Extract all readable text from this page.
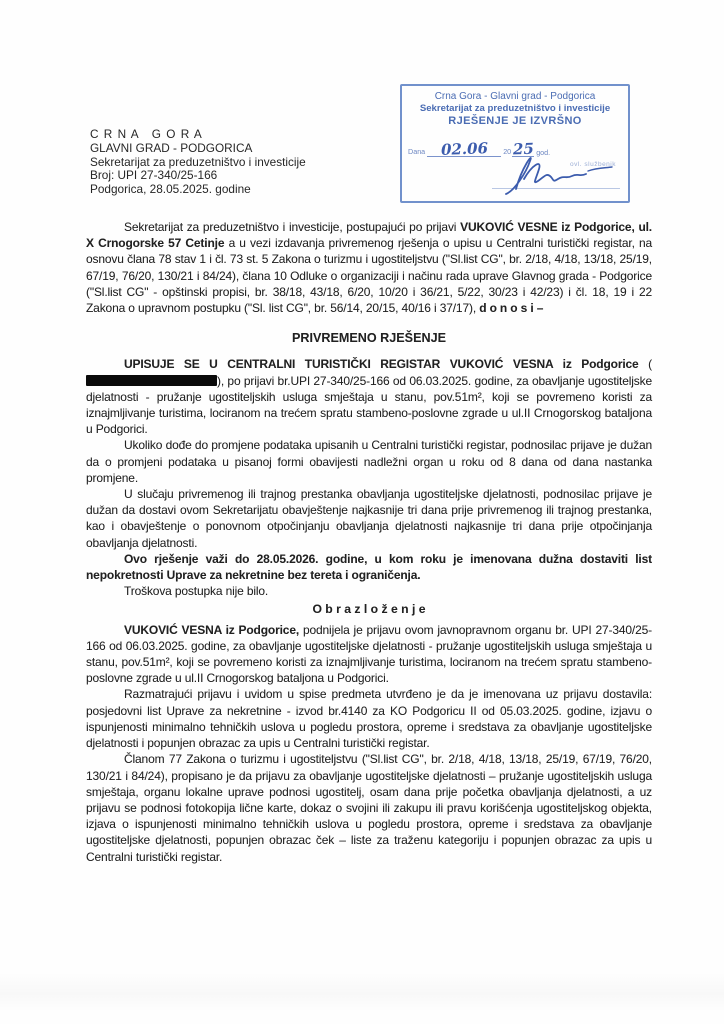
Crna Gora - Glavni grad - Podgorica
Sekretarijat za preduzetništvo i investicije
RJEŠENJE JE IZVRŠNO
Dana 02.06 20 25 god.
ovl. službenik
C R N A   G O R A
GLAVNI GRAD - PODGORICA
Sekretarijat za preduzetništvo i investicije
Broj: UPI 27-340/25-166
Podgorica, 28.05.2025. godine

Sekretarijat za preduzetništvo i investicije, postupajući po prijavi VUKOVIĆ VESNE iz Podgorice, ul. X Crnogorske 57 Cetinje a u vezi izdavanja privremenog rješenja o upisu u Centralni turistički registar, na osnovu člana 78 stav 1 i čl. 73 st. 5 Zakona o turizmu i ugostiteljstvu ("Sl.list CG", br. 2/18, 4/18, 13/18, 25/19, 67/19, 76/20, 130/21 i 84/24), člana 10 Odluke o organizaciji i načinu rada uprave Glavnog grada - Podgorice ("Sl.list CG" - opštinski propisi, br. 38/18, 43/18, 6/20, 10/20 i 36/21, 5/22, 30/23 i 42/23) i čl. 18, 19 i 22 Zakona o upravnom postupku ("Sl. list CG", br. 56/14, 20/15, 40/16 i 37/17), d o n o s i –

PRIVREMENO RJEŠENJE

UPISUJE SE U CENTRALNI TURISTIČKI REGISTAR VUKOVIĆ VESNA iz Podgorice (), po prijavi br.UPI 27-340/25-166 od 06.03.2025. godine, za obavljanje ugostiteljske djelatnosti - pružanje ugostiteljskih usluga smještaja u stanu, pov.51m², koji se povremeno koristi za iznajmljivanje turistima, lociranom na trećem spratu stambeno-poslovne zgrade u ul.II Crnogorskog bataljona u Podgorici.

Ukoliko dođe do promjene podataka upisanih u Centralni turistički registar, podnosilac prijave je dužan da o promjeni podataka u pisanoj formi obavijesti nadležni organ u roku od 8 dana od dana nastanka promjene.

U slučaju privremenog ili trajnog prestanka obavljanja ugostiteljske djelatnosti, podnosilac prijave je dužan da dostavi ovom Sekretarijatu obavještenje najkasnije tri dana prije privremenog ili trajnog prestanka, kao i obavještenje o ponovnom otpočinjanju obavljanja djelatnosti najkasnije tri dana prije otpočinjanja obavljanja djelatnosti.

Ovo rješenje važi do 28.05.2026. godine, u kom roku je imenovana dužna dostaviti list nepokretnosti Uprave za nekretnine bez tereta i ograničenja.

Troškova postupka nije bilo.

O b r a z l o ž e n j e

VUKOVIĆ VESNA iz Podgorice, podnijela je prijavu ovom javnopravnom organu br. UPI 27-340/25-166 od 06.03.2025. godine, za obavljanje ugostiteljske djelatnosti - pružanje ugostiteljskih usluga smještaja u stanu, pov.51m², koji se povremeno koristi za iznajmljivanje turistima, lociranom na trećem spratu stambeno-poslovne zgrade u ul.II Crnogorskog bataljona u Podgorici.

Razmatrajući prijavu i uvidom u spise predmeta utvrđeno je da je imenovana uz prijavu dostavila: posjedovni list Uprave za nekretnine - izvod br.4140 za KO Podgoricu II od 05.03.2025. godine, izjavu o ispunjenosti minimalno tehničkih uslova u pogledu prostora, opreme i sredstava za obavljanje ugostiteljske djelatnosti i popunjen obrazac za upis u Centralni turistički registar.

Članom 77 Zakona o turizmu i ugostiteljstvu ("Sl.list CG", br. 2/18, 4/18, 13/18, 25/19, 67/19, 76/20, 130/21 i 84/24), propisano je da prijavu za obavljanje ugostiteljske djelatnosti – pružanje ugostiteljskih usluga smještaja, organu lokalne uprave podnosi ugostitelj, osam dana prije početka obavljanja djelatnosti, a uz prijavu se podnosi fotokopija lične karte, dokaz o svojini ili zakupu ili pravu korišćenja ugostiteljskog objekta, izjava o ispunjenosti minimalno tehničkih uslova u pogledu prostora, opreme i sredstava za obavljanje ugostiteljske djelatnosti, popunjen obrazac ček – liste za traženu kategoriju i popunjen obrazac za upis u Centralni turistički registar.
